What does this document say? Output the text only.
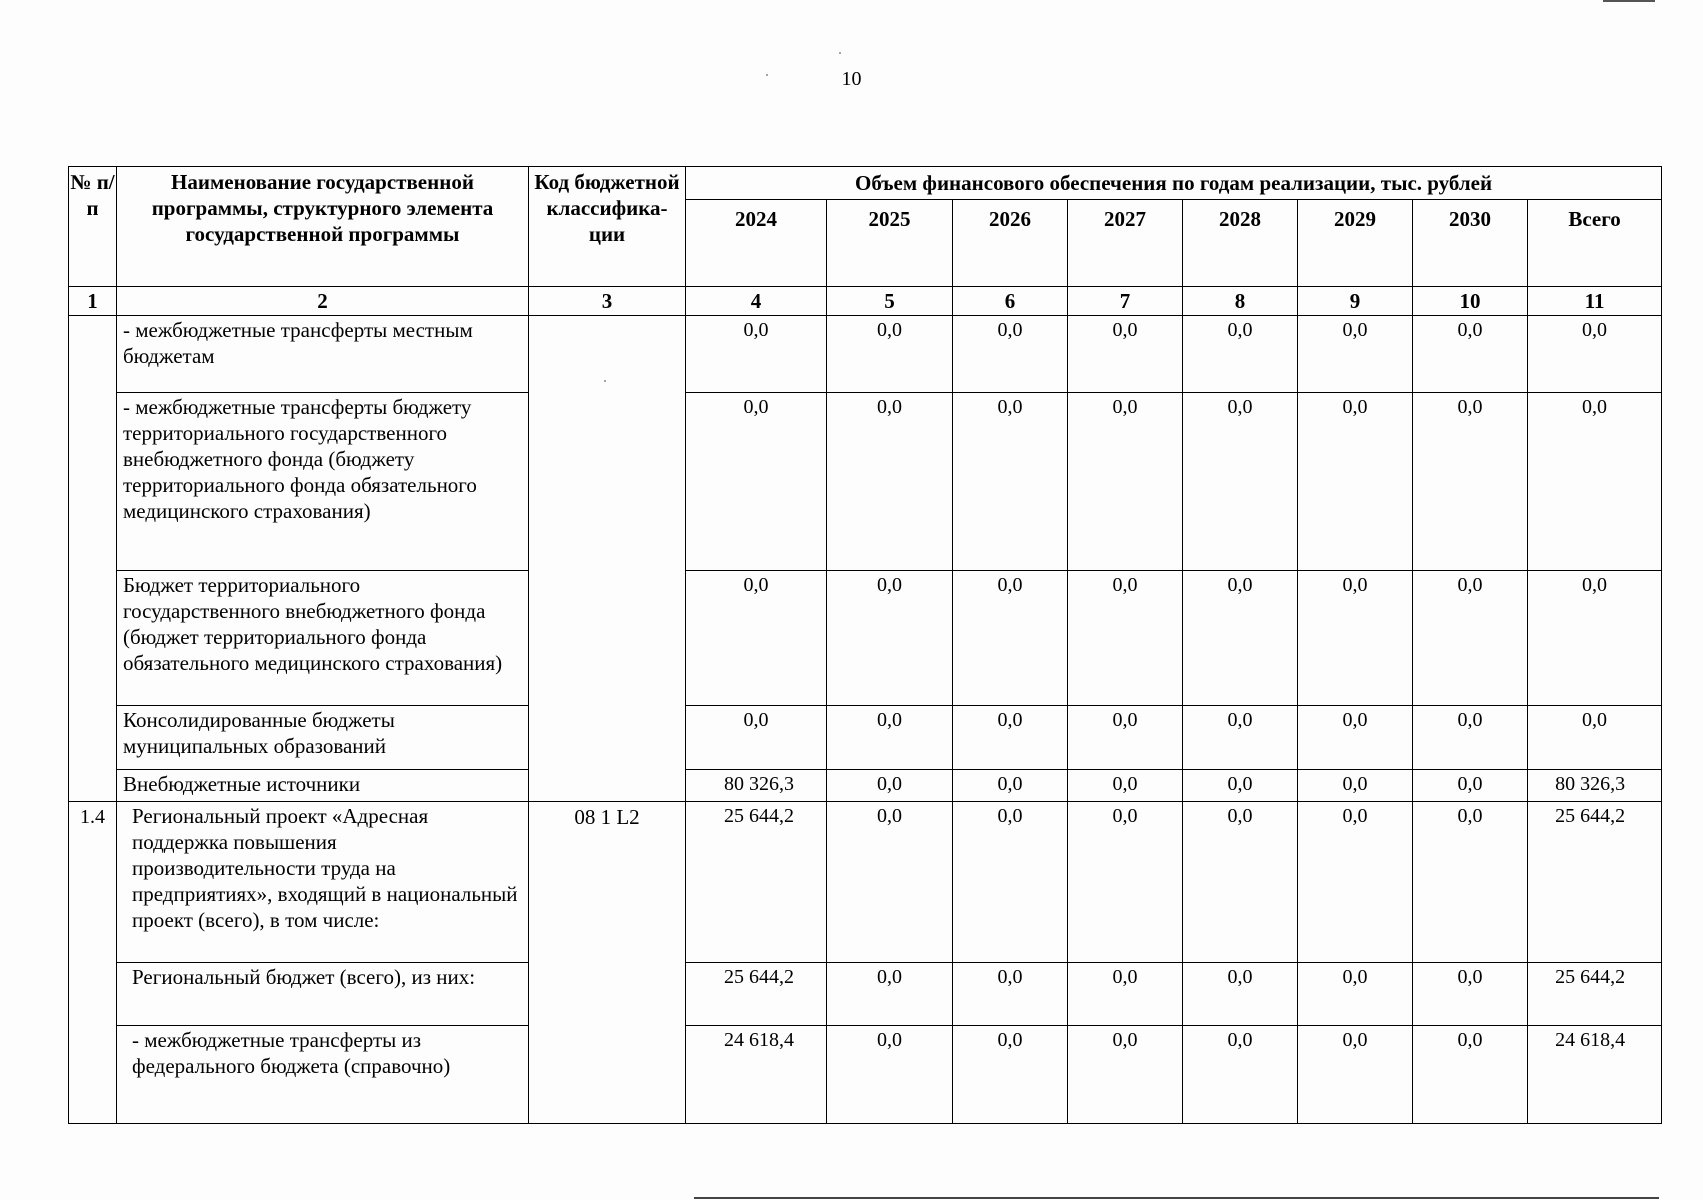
10
№ п/п	Наименование государственной программы, структурного элемента государственной программы	Код бюджетной классифика-ции	Объем финансового обеспечения по годам реализации, тыс. рублей							
			2024	2025	2026	2027	2028	2029	2030	Всего
1	2	3	4	5	6	7	8	9	10	11
	- межбюджетные трансферты местным бюджетам		0,0	0,0	0,0	0,0	0,0	0,0	0,0	0,0
	- межбюджетные трансферты бюджету территориального государственного внебюджетного фонда (бюджету территориального фонда обязательного медицинского страхования)		0,0	0,0	0,0	0,0	0,0	0,0	0,0	0,0
	Бюджет территориального государственного внебюджетного фонда (бюджет территориального фонда обязательного медицинского страхования)		0,0	0,0	0,0	0,0	0,0	0,0	0,0	0,0
	Консолидированные бюджеты муниципальных образований		0,0	0,0	0,0	0,0	0,0	0,0	0,0	0,0
	Внебюджетные источники		80 326,3	0,0	0,0	0,0	0,0	0,0	0,0	80 326,3
1.4	Региональный проект «Адресная поддержка повышения производительности труда на предприятиях», входящий в национальный проект (всего), в том числе:	08 1 L2	25 644,2	0,0	0,0	0,0	0,0	0,0	0,0	25 644,2
	Региональный бюджет (всего), из них:		25 644,2	0,0	0,0	0,0	0,0	0,0	0,0	25 644,2
	- межбюджетные трансферты из федерального бюджета (справочно)		24 618,4	0,0	0,0	0,0	0,0	0,0	0,0	24 618,4
